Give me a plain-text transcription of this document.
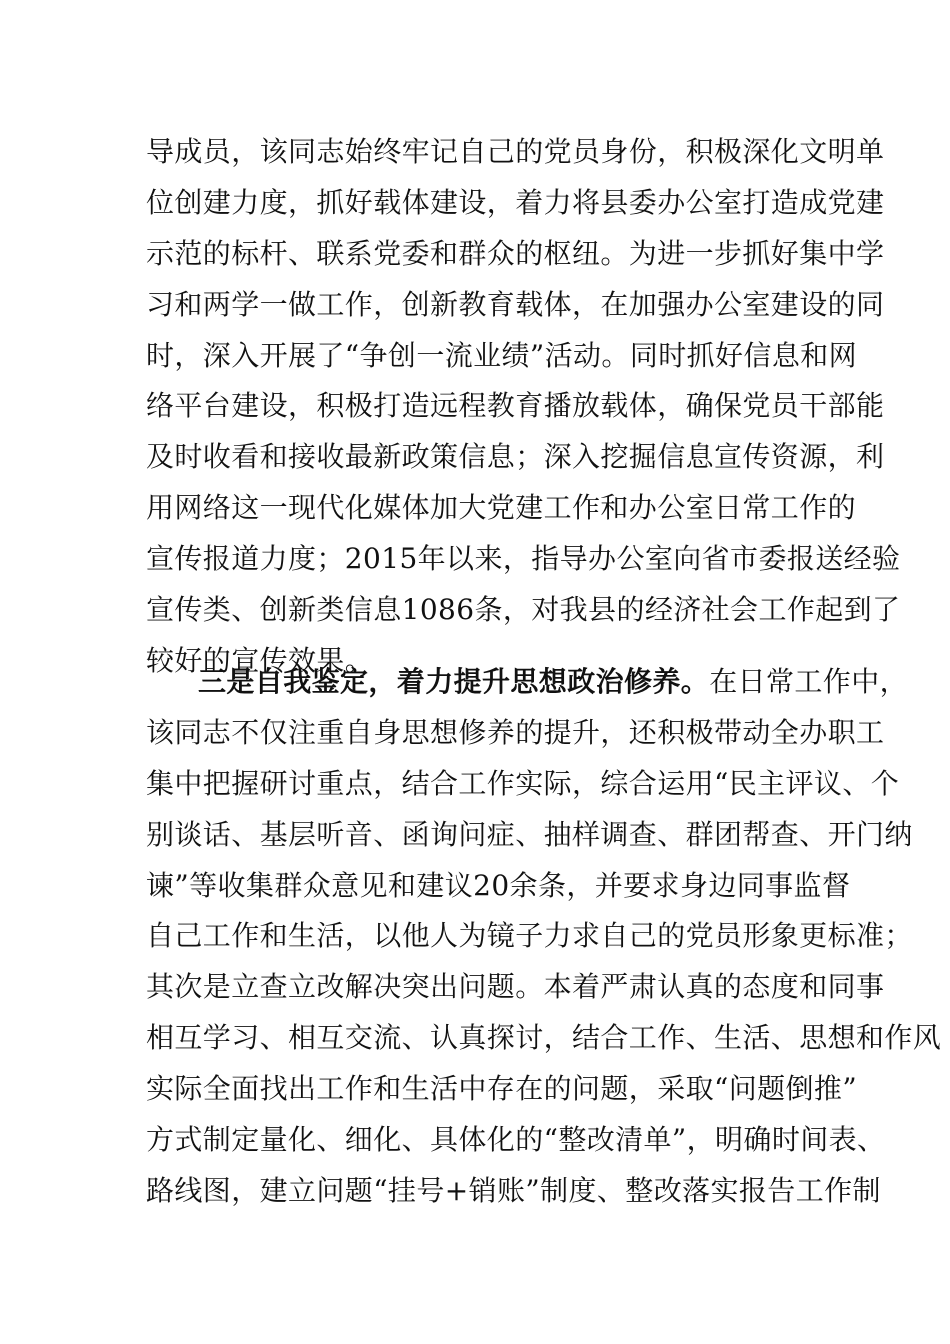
导成员，该同志始终牢记自己的党员身份，积极深化文明单
位创建力度，抓好载体建设，着力将县委办公室打造成党建
示范的标杆、联系党委和群众的枢纽。为进一步抓好集中学
习和两学一做工作，创新教育载体，在加强办公室建设的同
时，深入开展了“争创一流业绩”活动。同时抓好信息和网
络平台建设，积极打造远程教育播放载体，确保党员干部能
及时收看和接收最新政策信息；深入挖掘信息宣传资源，利
用网络这一现代化媒体加大党建工作和办公室日常工作的
宣传报道力度；2015年以来，指导办公室向省市委报送经验
宣传类、创新类信息1086条，对我县的经济社会工作起到了
较好的宣传效果。
三是自我鉴定，着力提升思想政治修养。在日常工作中，
该同志不仅注重自身思想修养的提升，还积极带动全办职工
集中把握研讨重点，结合工作实际，综合运用“民主评议、个
别谈话、基层听音、函询问症、抽样调查、群团帮查、开门纳
谏”等收集群众意见和建议20余条，并要求身边同事监督
自己工作和生活，以他人为镜子力求自己的党员形象更标准；
其次是立查立改解决突出问题。本着严肃认真的态度和同事
相互学习、相互交流、认真探讨，结合工作、生活、思想和作风
实际全面找出工作和生活中存在的问题，采取“问题倒推”
方式制定量化、细化、具体化的“整改清单”，明确时间表、
路线图，建立问题“挂号+销账”制度、整改落实报告工作制
